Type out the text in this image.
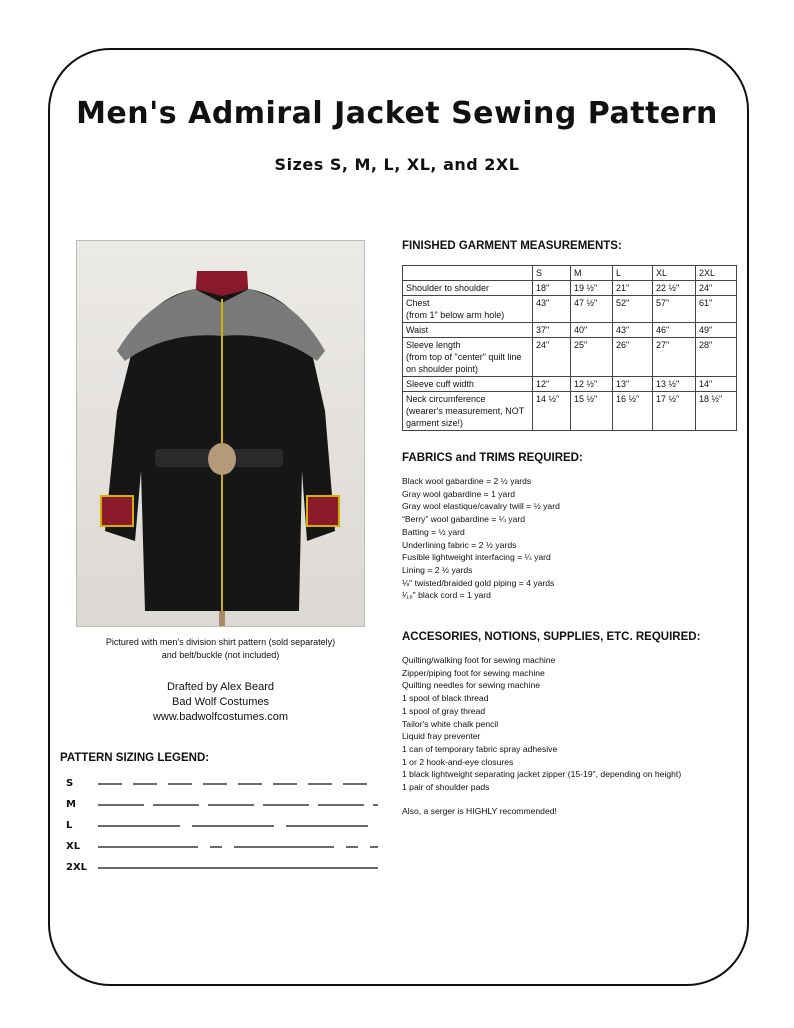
Men's Admiral Jacket Sewing Pattern
Sizes S, M, L, XL, and 2XL
Pictured with men's division shirt pattern (sold separately)
and belt/buckle (not included)
Drafted by Alex Beard
Bad Wolf Costumes
www.badwolfcostumes.com
FINISHED GARMENT MEASUREMENTS:
	S	M	L	XL	2XL
Shoulder to shoulder	18"	19 ½"	21"	22 ½"	24"
Chest
(from 1" below arm hole)	43"	47 ½"	52"	57"	61"
Waist	37"	40"	43"	46"	49"
Sleeve length
(from top of "center" quilt line on shoulder point)	24"	25"	26"	27"	28"
Sleeve cuff width	12"	12 ½"	13"	13 ½"	14"
Neck circumference
(wearer's measurement, NOT garment size!)	14 ½"	15 ½"	16 ½"	17 ½"	18 ½"
FABRICS and TRIMS REQUIRED:
Black wool gabardine = 2 ½ yards
Gray wool gabardine = 1 yard
Gray wool elastique/cavalry twill = ½ yard
“Berry” wool gabardine = ¼ yard
Batting = ½ yard
Underlining fabric = 2 ½ yards
Fusible lightweight interfacing = ¼ yard
Lining = 2 ½ yards
⅛" twisted/braided gold piping = 4 yards
¹⁄₁₆" black cord = 1 yard
ACCESORIES, NOTIONS, SUPPLIES, ETC. REQUIRED:
Quilting/walking foot for sewing machine
Zipper/piping foot for sewing machine
Quilting needles for sewing machine
1 spool of black thread
1 spool of gray thread
Tailor's white chalk pencil
Liquid fray preventer
1 can of temporary fabric spray adhesive
1 or 2 hook-and-eye closures
1 black lightweight separating jacket zipper (15-19", depending on height)
1 pair of shoulder pads
Also, a serger is HIGHLY recommended!
PATTERN SIZING LEGEND:
S
M
L
XL
2XL
